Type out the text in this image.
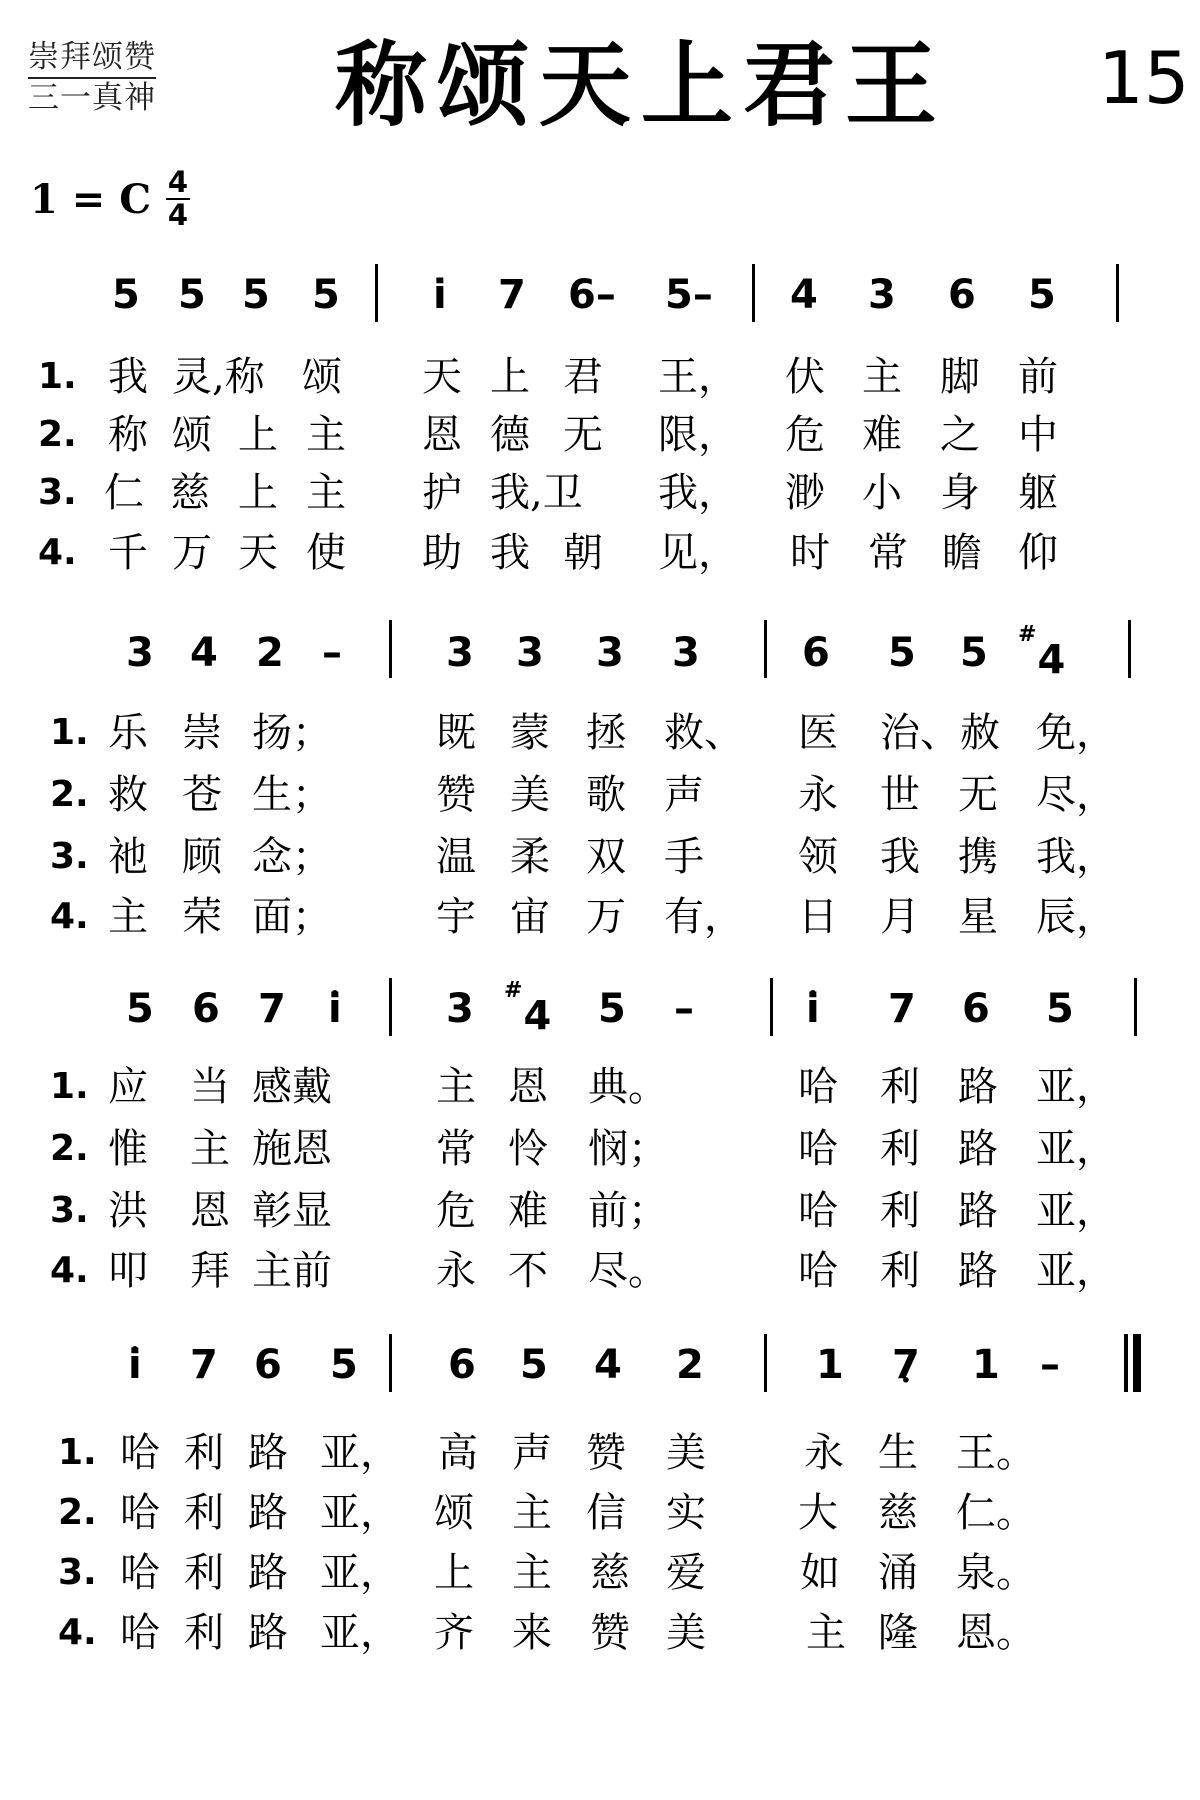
崇拜颂赞
三一真神 称颂天上君王 15
1 = C 4
4
5 5 5 5 i 7 6– 5– 4 3 6 5
1. 我 灵,称 颂 天 上 君 王， 伏 主 脚 前
2. 称 颂 上 主 恩 德 无 限， 危 难 之 中
3. 仁 慈 上 主 护 我,卫 我， 渺 小 身 躯
4. 千 万 天 使 助 我 朝 见， 时 常 瞻 仰
3 4 2 –	3 3 3 3	6 5 5 #4
1. 乐 崇 扬；	既 蒙 拯 救、 医 治、赦 免，
2. 救 苍 生；	赞 美 歌 声 永 世 无 尽，
3. 祂 顾 念；	温 柔 双 手 领 我 携 我，
4. 主 荣 面；	宇 宙 万 有， 日 月 星 辰，
5 6 7 • i	3 #4 5 –	• i 7 6 5
1. 应 当 感戴	主 恩 典。	哈 利 路 亚，
2. 惟 主 施恩	常 怜 悯；	哈 利 路 亚，
3. 洪 恩 彰显	危 难 前；	哈 利 路 亚，
4. 叩 拜 主前	永 不 尽。	哈 利 路 亚，
• i 7 6 5 6 5 4 2	1 7 • 1 –
1. 哈 利 路 亚， 高 声 赞 美 永 生 王。
2. 哈 利 路 亚， 颂 主 信 实 大 慈 仁。
3. 哈 利 路 亚， 上 主 慈 爱 如 涌 泉。
4. 哈 利 路 亚， 齐 来 赞 美	主 隆 恩。
